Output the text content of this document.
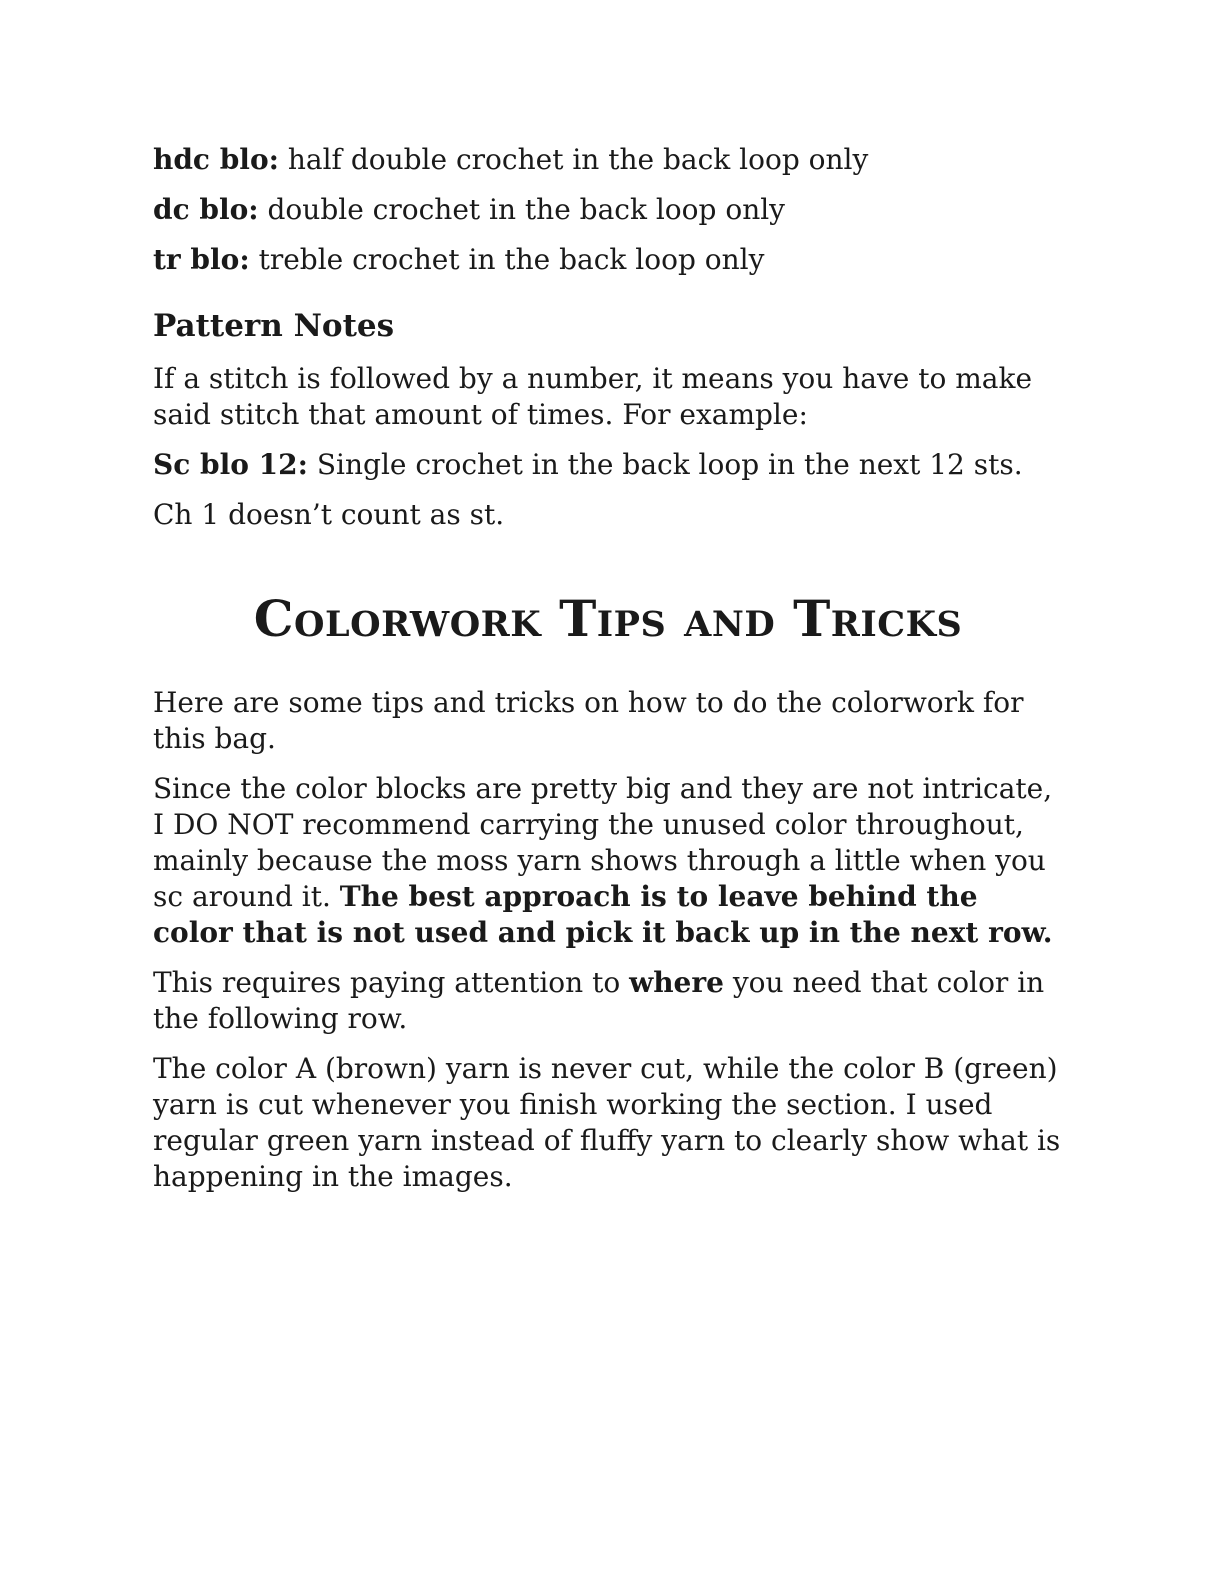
hdc blo: half double crochet in the back loop only
dc blo: double crochet in the back loop only
tr blo: treble crochet in the back loop only
Pattern Notes

If a stitch is followed by a number, it means you have to make said stitch that amount of times. For example:

Sc blo 12: Single crochet in the back loop in the next 12 sts.

Ch 1 doesn’t count as st.

Colorwork Tips and Tricks

Here are some tips and tricks on how to do the colorwork for this bag.

Since the color blocks are pretty big and they are not intricate, I DO NOT recommend carrying the unused color throughout, mainly because the moss yarn shows through a little when you sc around it. The best approach is to leave behind the color that is not used and pick it back up in the next row.

This requires paying attention to where you need that color in the following row.

The color A (brown) yarn is never cut, while the color B (green) yarn is cut whenever you finish working the section. I used regular green yarn instead of fluffy yarn to clearly show what is happening in the images.
